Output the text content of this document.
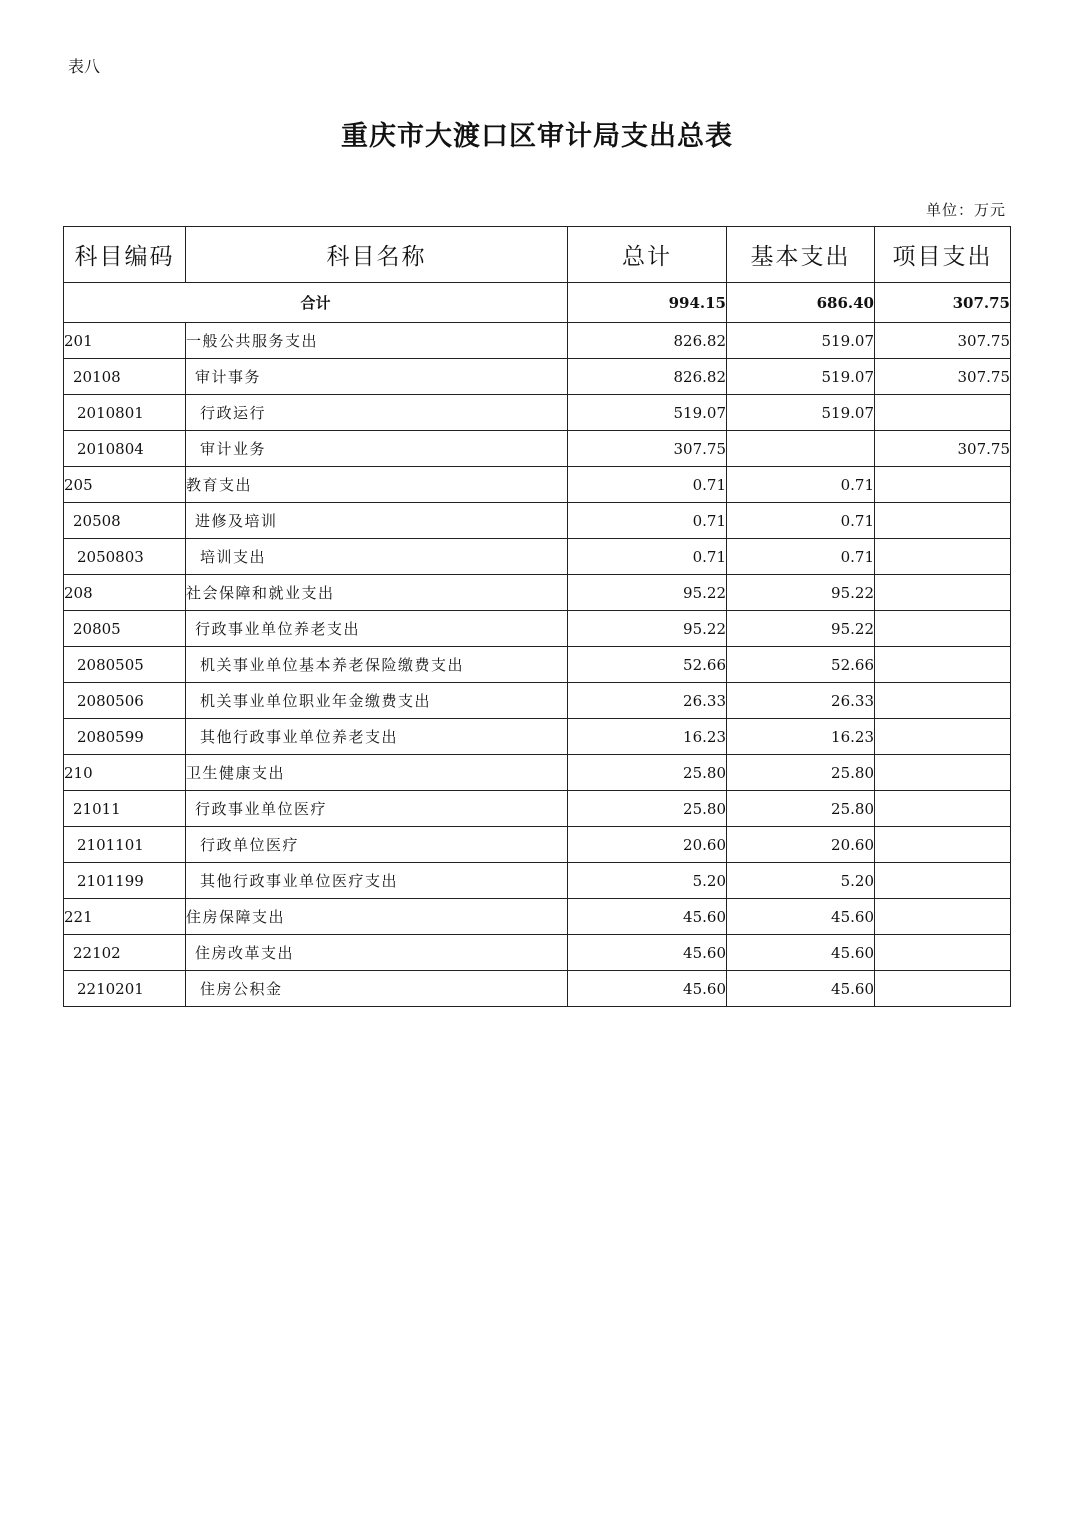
表八
重庆市大渡口区审计局支出总表
单位：万元
科目编码	科目名称	总计	基本支出	项目支出
合计		994.15	686.40	307.75
201	一般公共服务支出	826.82	519.07	307.75
20108	审计事务	826.82	519.07	307.75
2010801	行政运行	519.07	519.07	
2010804	审计业务	307.75		307.75
205	教育支出	0.71	0.71	
20508	进修及培训	0.71	0.71	
2050803	培训支出	0.71	0.71	
208	社会保障和就业支出	95.22	95.22	
20805	行政事业单位养老支出	95.22	95.22	
2080505	机关事业单位基本养老保险缴费支出	52.66	52.66	
2080506	机关事业单位职业年金缴费支出	26.33	26.33	
2080599	其他行政事业单位养老支出	16.23	16.23	
210	卫生健康支出	25.80	25.80	
21011	行政事业单位医疗	25.80	25.80	
2101101	行政单位医疗	20.60	20.60	
2101199	其他行政事业单位医疗支出	5.20	5.20	
221	住房保障支出	45.60	45.60	
22102	住房改革支出	45.60	45.60	
2210201	住房公积金	45.60	45.60	
